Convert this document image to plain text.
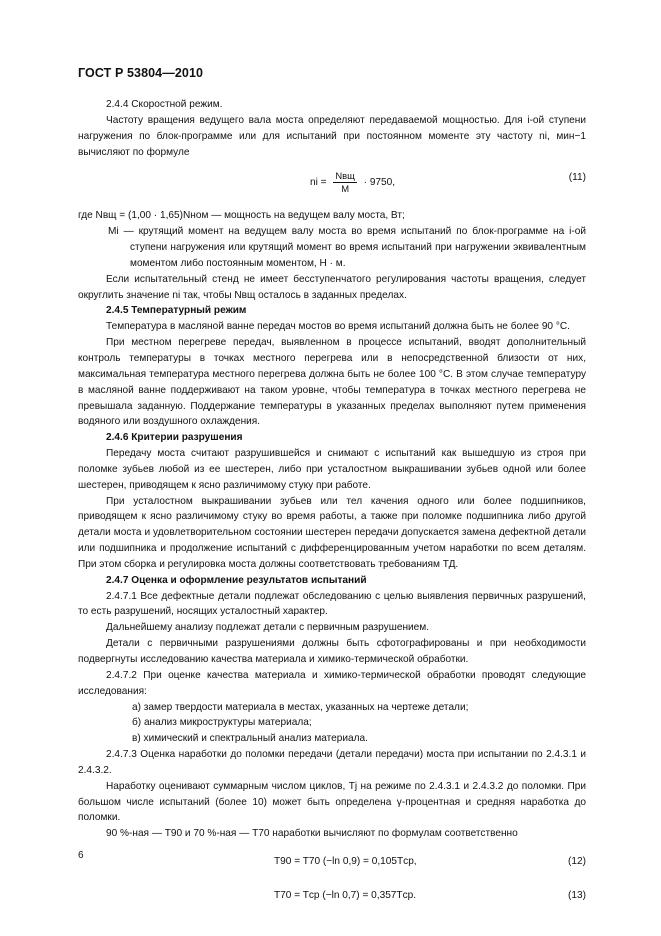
ГОСТ Р 53804—2010

2.4.4 Скоростной режим.

Частоту вращения ведущего вала моста определяют передаваемой мощностью. Для i-ой ступени нагружения по блок-программе или для испытаний при постоянном моменте эту частоту ni, мин−1 вычисляют по формуле

ni = $\frac{\text{Nвщ}}{M} \cdot 9750$,	(11)

где Nвщ = (1,00 · 1,65)Nном — мощность на ведущем валу моста, Вт;

Mi — крутящий момент на ведущем валу моста во время испытаний по блок-программе на i-ой ступени нагружения или крутящий момент во время испытаний при нагружении эквивалентным моментом либо постоянным моментом, Н · м.

Если испытательный стенд не имеет бесступенчатого регулирования частоты вращения, следует округлить значение ni так, чтобы Nвщ осталось в заданных пределах.

2.4.5 Температурный режим

Температура в масляной ванне передач мостов во время испытаний должна быть не более 90 °С.

При местном перегреве передач, выявленном в процессе испытаний, вводят дополнительный контроль температуры в точках местного перегрева или в непосредственной близости от них, максимальная температура местного перегрева должна быть не более 100 °С. В этом случае температуру в масляной ванне поддерживают на таком уровне, чтобы температура в точках местного перегрева не превышала заданную. Поддержание температуры в указанных пределах выполняют путем применения водяного или воздушного охлаждения.

2.4.6 Критерии разрушения

Передачу моста считают разрушившейся и снимают с испытаний как вышедшую из строя при поломке зубьев любой из ее шестерен, либо при усталостном выкрашивании зубьев одной или более шестерен, приводящем к ясно различимому стуку при работе.

При усталостном выкрашивании зубьев или тел качения одного или более подшипников, приводящем к ясно различимому стуку во время работы, а также при поломке подшипника либо другой детали моста и удовлетворительном состоянии шестерен передачи допускается замена дефектной детали или подшипника и продолжение испытаний с дифференцированным учетом наработки по всем деталям. При этом сборка и регулировка моста должны соответствовать требованиям ТД.

2.4.7 Оценка и оформление результатов испытаний

2.4.7.1 Все дефектные детали подлежат обследованию с целью выявления первичных разрушений, то есть разрушений, носящих усталостный характер.

Дальнейшему анализу подлежат детали с первичным разрушением.

Детали с первичными разрушениями должны быть сфотографированы и при необходимости подвергнуты исследованию качества материала и химико-термической обработки.

2.4.7.2 При оценке качества материала и химико-термической обработки проводят следующие исследования:

а) замер твердости материала в местах, указанных на чертеже детали;

б) анализ микроструктуры материала;

в) химический и спектральный анализ материала.

2.4.7.3 Оценка наработки до поломки передачи (детали передачи) моста при испытании по 2.4.3.1 и 2.4.3.2.

Наработку оценивают суммарным числом циклов, Tj на режиме по 2.4.3.1 и 2.4.3.2 до поломки. При большом числе испытаний (более 10) может быть определена γ-процентная и средняя наработка до поломки.

90 %-ная — T90 и 70 %-ная — T70 наработки вычисляют по формулам соответственно

T90 = T70 (−ln 0,9) = 0,105Tср,	(12)
T70 = Tср (−ln 0,7) = 0,357Tср.	(13)
6
